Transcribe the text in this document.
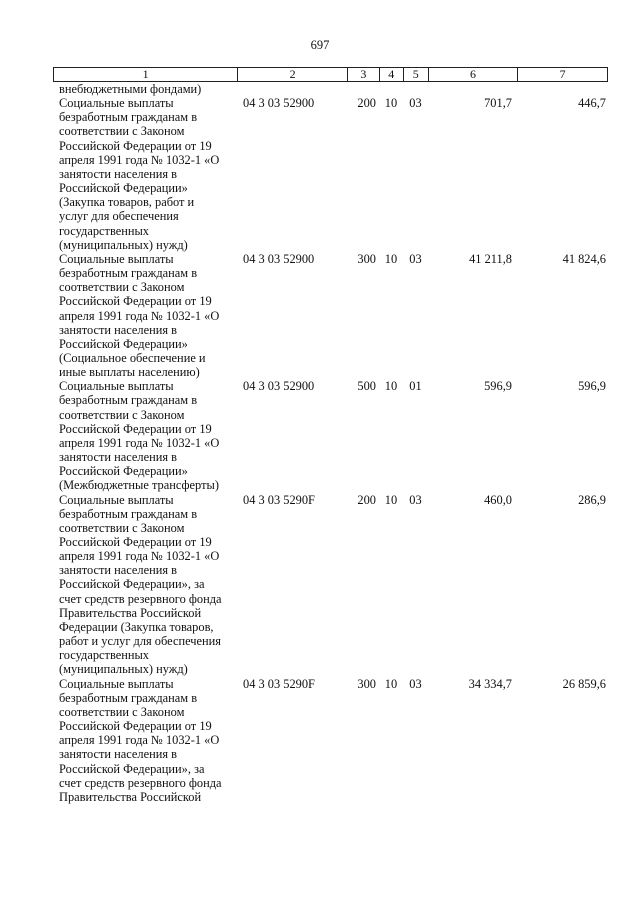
697
1	2	3	4	5	6	7
внебюджетными фондами)
Социальные выплаты
безработным гражданам в
соответствии с Законом
Российской Федерации от 19
апреля 1991 года № 1032-1 «О
занятости населения в
Российской Федерации»
(Закупка товаров, работ и
услуг для обеспечения
государственных
(муниципальных) нужд)
04 3 03 52900	200 10 03	701,7	446,7
Социальные выплаты
безработным гражданам в
соответствии с Законом
Российской Федерации от 19
апреля 1991 года № 1032-1 «О
занятости населения в
Российской Федерации»
(Социальное обеспечение и
иные выплаты населению)
04 3 03 52900	300 10 03	41 211,8	41 824,6
Социальные выплаты
безработным гражданам в
соответствии с Законом
Российской Федерации от 19
апреля 1991 года № 1032-1 «О
занятости населения в
Российской Федерации»
(Межбюджетные трансферты)
04 3 03 52900	500 10 01	596,9	596,9
Социальные выплаты
безработным гражданам в
соответствии с Законом
Российской Федерации от 19
апреля 1991 года № 1032-1 «О
занятости населения в
Российской Федерации», за
счет средств резервного фонда
Правительства Российской
Федерации (Закупка товаров,
работ и услуг для обеспечения
государственных
(муниципальных) нужд)
04 3 03 5290F	200 10 03	460,0	286,9
Социальные выплаты
безработным гражданам в
соответствии с Законом
Российской Федерации от 19
апреля 1991 года № 1032-1 «О
занятости населения в
Российской Федерации», за
счет средств резервного фонда
Правительства Российской
04 3 03 5290F	300 10 03	34 334,7	26 859,6
